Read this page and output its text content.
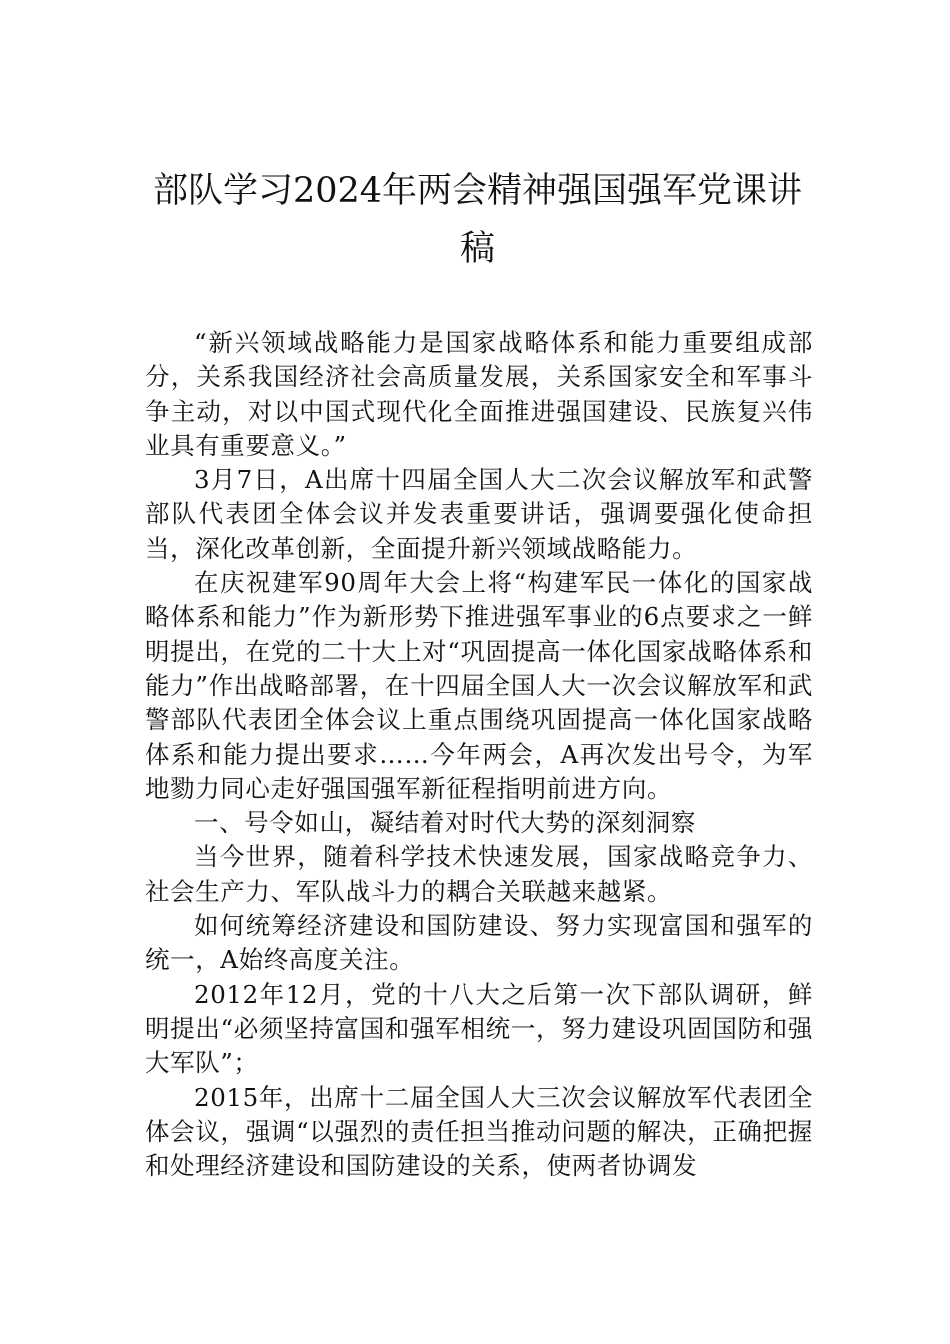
部队学习2024年两会精神强国强军党课讲稿

“新兴领域战略能力是国家战略体系和能力重要组成部分，关系我国经济社会高质量发展，关系国家安全和军事斗争主动，对以中国式现代化全面推进强国建设、民族复兴伟业具有重要意义。”

3月7日，A出席十四届全国人大二次会议解放军和武警部队代表团全体会议并发表重要讲话，强调要强化使命担当，深化改革创新，全面提升新兴领域战略能力。

在庆祝建军90周年大会上将“构建军民一体化的国家战略体系和能力”作为新形势下推进强军事业的6点要求之一鲜明提出，在党的二十大上对“巩固提高一体化国家战略体系和能力”作出战略部署，在十四届全国人大一次会议解放军和武警部队代表团全体会议上重点围绕巩固提高一体化国家战略体系和能力提出要求……今年两会，A再次发出号令，为军地勠力同心走好强国强军新征程指明前进方向。

一、号令如山，凝结着对时代大势的深刻洞察

当今世界，随着科学技术快速发展，国家战略竞争力、社会生产力、军队战斗力的耦合关联越来越紧。

如何统筹经济建设和国防建设、努力实现富国和强军的统一，A始终高度关注。

2012年12月，党的十八大之后第一次下部队调研，鲜明提出“必须坚持富国和强军相统一，努力建设巩固国防和强大军队”；

2015年，出席十二届全国人大三次会议解放军代表团全体会议，强调“以强烈的责任担当推动问题的解决，正确把握和处理经济建设和国防建设的关系，使两者协调发
